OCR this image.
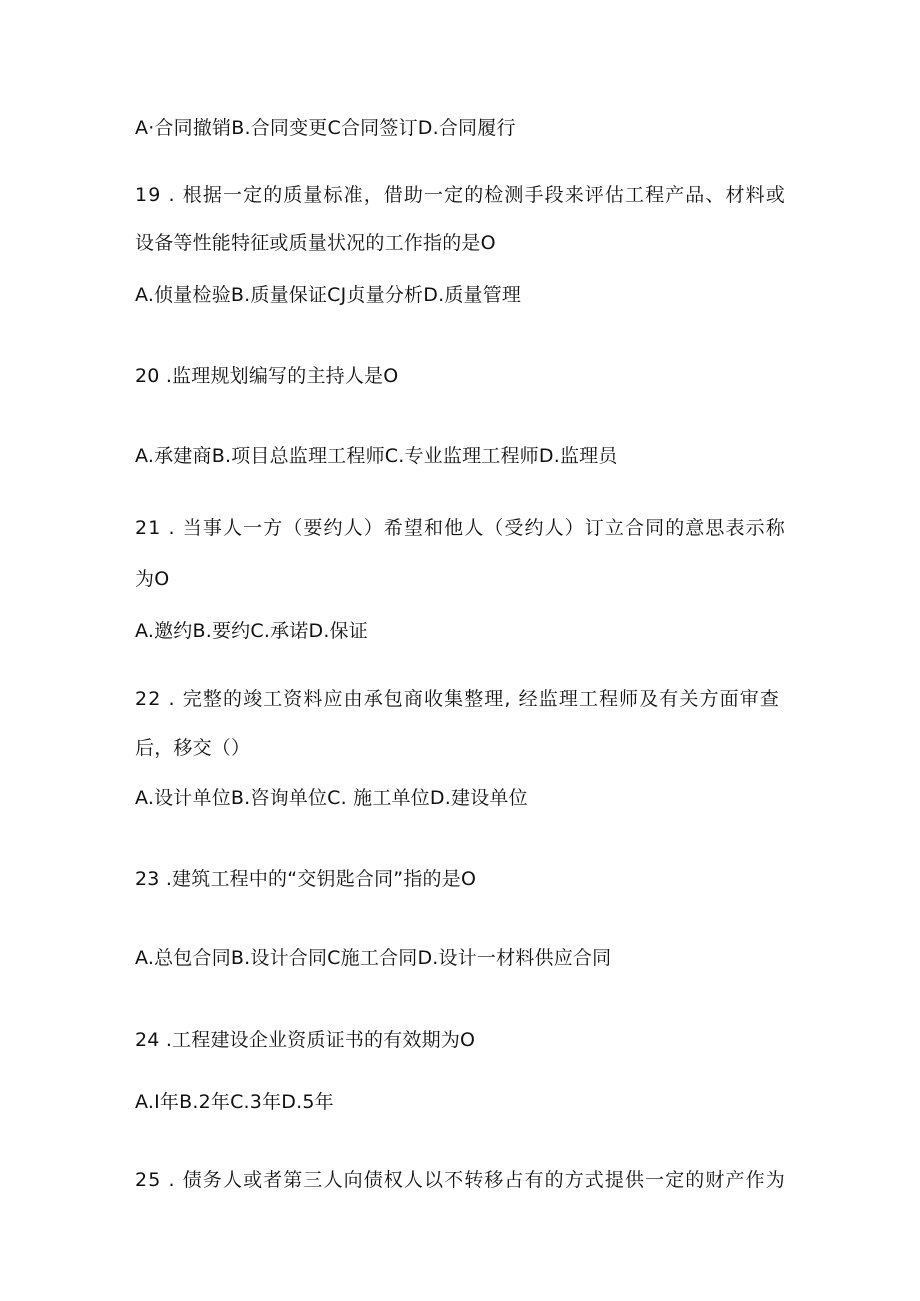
A·合同撤销B.合同变更C合同签订D.合同履行
19 . 根据一定的质量标准，借助一定的检测手段来评估工程产品、材料或
设备等性能特征或质量状况的工作指的是O
A.侦量检验B.质量保证CJ贞量分析D.质量管理
20 .监理规划编写的主持人是O
A.承建商B.项目总监理工程师C.专业监理工程师D.监理员
21 . 当事人一方（要约人）希望和他人（受约人）订立合同的意思表示称
为O
A.邀约B.要约C.承诺D.保证
22 . 完整的竣工资料应由承包商收集整理, 经监理工程师及有关方面审查
后，移交（）
A.设计单位B.咨询单位C. 施工单位D.建设单位
23 .建筑工程中的“交钥匙合同”指的是O
A.总包合同B.设计合同C施工合同D.设计一材料供应合同
24 .工程建设企业资质证书的有效期为O
A.I年B.2年C.3年D.5年
25 . 债务人或者第三人向债权人以不转移占有的方式提供一定的财产作为
